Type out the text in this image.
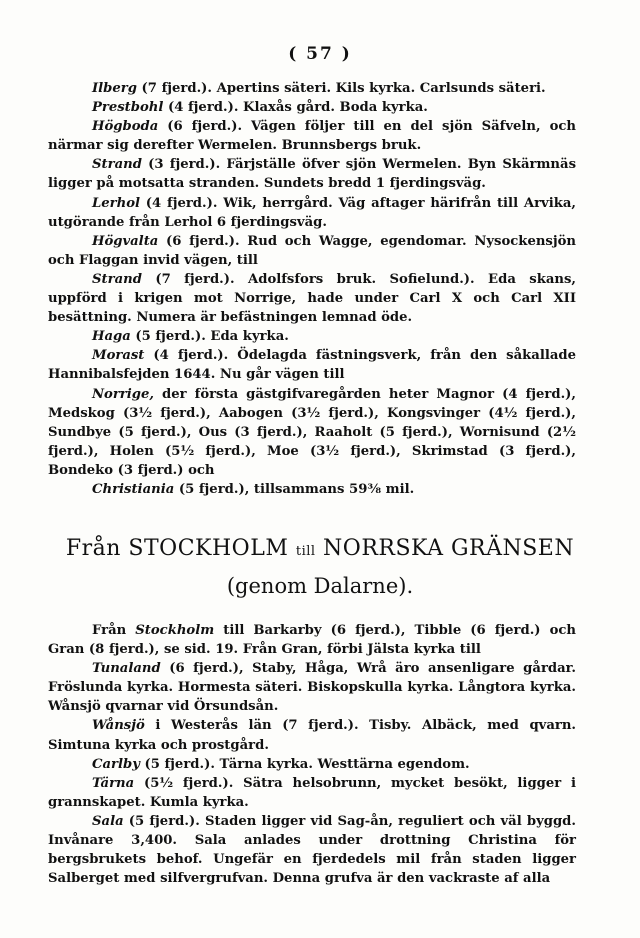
( 57 )

Ilberg (7 fjerd.). Apertins säteri. Kils kyrka. Carlsunds säteri.

Prestbohl (4 fjerd.). Klaxås gård. Boda kyrka.

Högboda (6 fjerd.). Vägen följer till en del sjön Säfveln, och närmar sig derefter Wermelen. Brunnsbergs bruk.

Strand (3 fjerd.). Färjställe öfver sjön Wermelen. Byn Skärmnäs ligger på motsatta stranden. Sundets bredd 1 fjerdingsväg.

Lerhol (4 fjerd.). Wik, herrgård. Väg aftager härifrån till Arvika, utgörande från Lerhol 6 fjerdingsväg.

Högvalta (6 fjerd.). Rud och Wagge, egendomar. Nysockensjön och Flaggan invid vägen, till

Strand (7 fjerd.). Adolfsfors bruk. Sofielund.). Eda skans, uppförd i krigen mot Norrige, hade under Carl X och Carl XII besättning. Numera är befästningen lemnad öde.

Haga (5 fjerd.). Eda kyrka.

Morast (4 fjerd.). Ödelagda fästningsverk, från den såkallade Hannibalsfejden 1644. Nu går vägen till

Norrige, der första gästgifvaregården heter Magnor (4 fjerd.), Medskog (3½ fjerd.), Aabogen (3½ fjerd.), Kongsvinger (4½ fjerd.), Sundbye (5 fjerd.), Ous (3 fjerd.), Raaholt (5 fjerd.), Wornisund (2½ fjerd.), Holen (5½ fjerd.), Moe (3½ fjerd.), Skrimstad (3 fjerd.), Bondeko (3 fjerd.) och

Christiania (5 fjerd.), tillsammans 59⅜ mil.

Från STOCKHOLM till NORRSKA GRÄNSEN
(genom Dalarne).

Från Stockholm till Barkarby (6 fjerd.), Tibble (6 fjerd.) och Gran (8 fjerd.), se sid. 19. Från Gran, förbi Jälsta kyrka till

Tunaland (6 fjerd.), Staby, Håga, Wrå äro ansenligare gårdar. Fröslunda kyrka. Hormesta säteri. Biskopskulla kyrka. Långtora kyrka. Wånsjö qvarnar vid Örsundsån.

Wånsjö i Westerås län (7 fjerd.). Tisby. Albäck, med qvarn. Simtuna kyrka och prostgård.

Carlby (5 fjerd.). Tärna kyrka. Westtärna egendom.

Tärna (5½ fjerd.). Sätra helsobrunn, mycket besökt, ligger i grannskapet. Kumla kyrka.

Sala (5 fjerd.). Staden ligger vid Sag-ån, reguliert och väl byggd. Invånare 3,400. Sala anlades under drottning Christina för bergsbrukets behof. Ungefär en fjerdedels mil från staden ligger Salberget med silfvergrufvan. Denna grufva är den vackraste af alla
